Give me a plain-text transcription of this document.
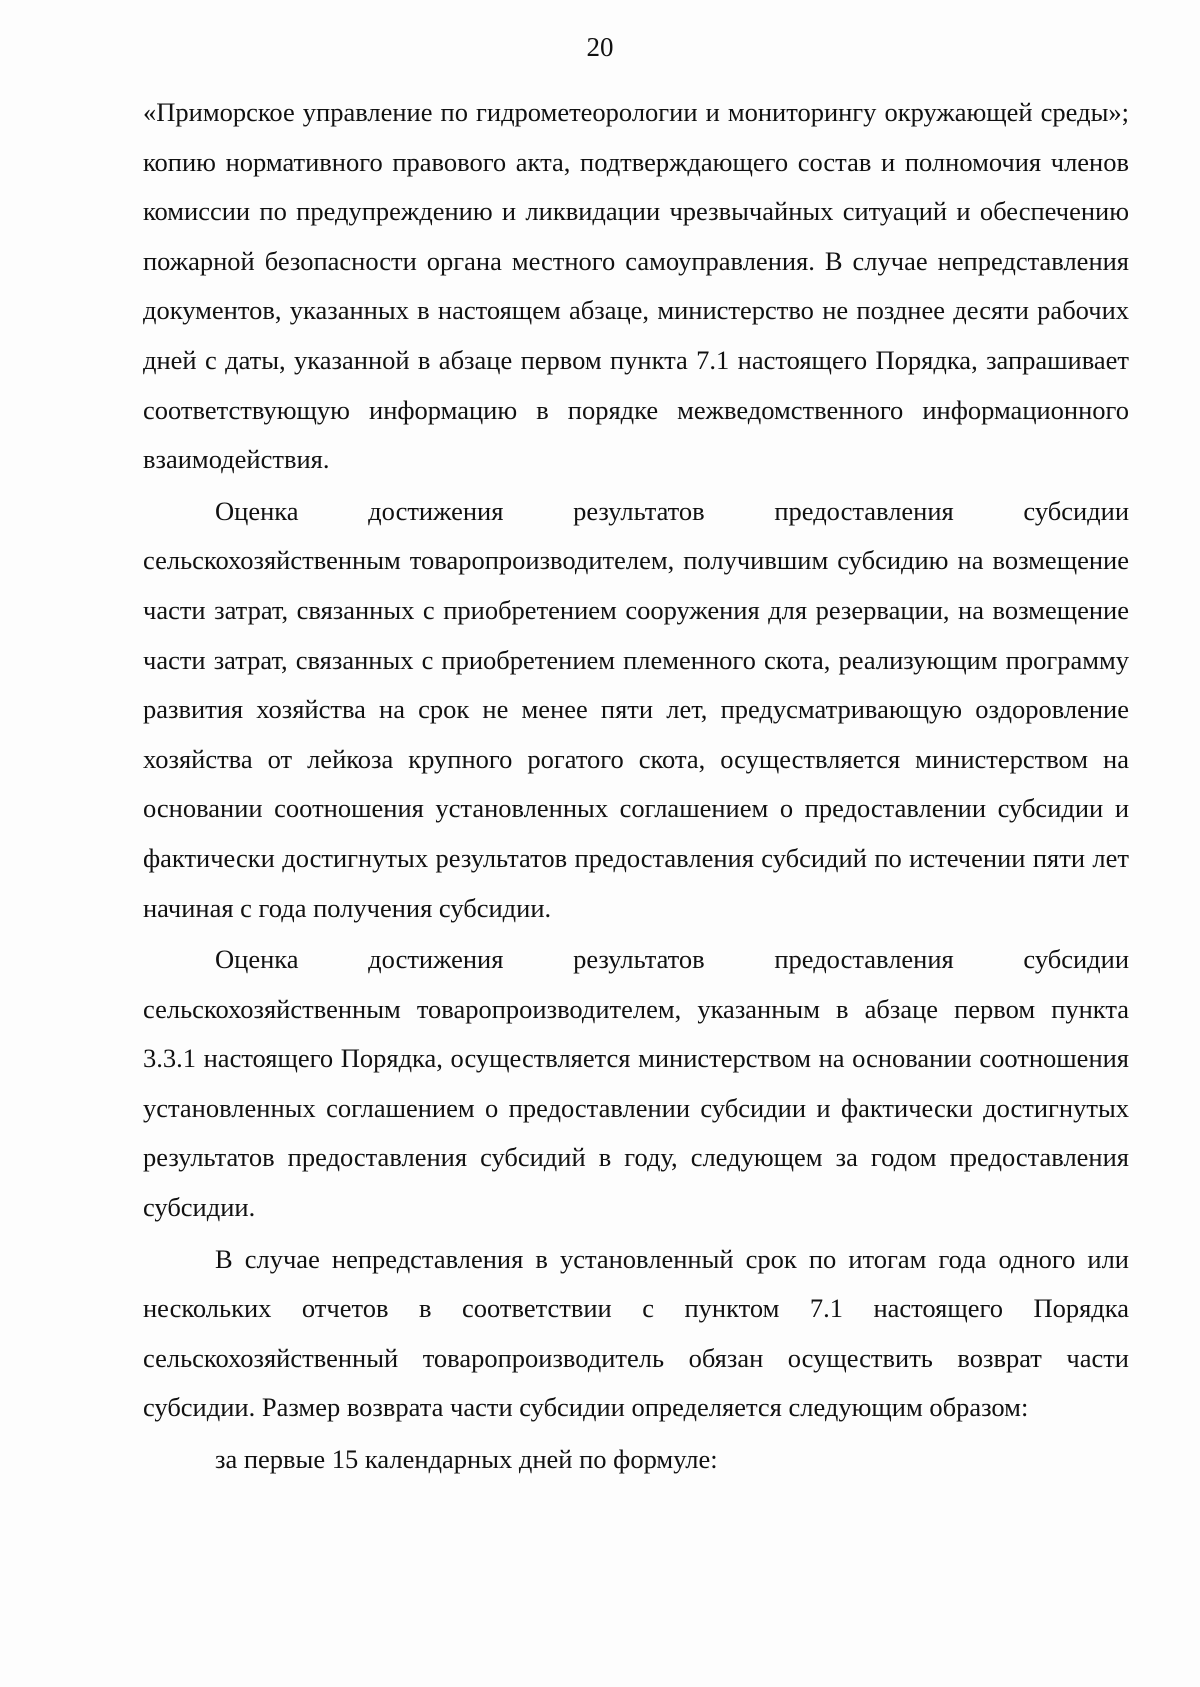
20

«Приморское управление по гидрометеорологии и мониторингу окружающей среды»; копию нормативного правового акта, подтверждающего состав и полномочия членов комиссии по предупреждению и ликвидации чрезвычайных ситуаций и обеспечению пожарной безопасности органа местного самоуправления. В случае непредставления документов, указанных в настоящем абзаце, министерство не позднее десяти рабочих дней с даты, указанной в абзаце первом пункта 7.1 настоящего Порядка, запрашивает соответствующую информацию в порядке межведомственного информационного взаимодействия.

Оценка достижения результатов предоставления субсидии сельскохозяйственным товаропроизводителем, получившим субсидию на возмещение части затрат, связанных с приобретением сооружения для резервации, на возмещение части затрат, связанных с приобретением племенного скота, реализующим программу развития хозяйства на срок не менее пяти лет, предусматривающую оздоровление хозяйства от лейкоза крупного рогатого скота, осуществляется министерством на основании соотношения установленных соглашением о предоставлении субсидии и фактически достигнутых результатов предоставления субсидий по истечении пяти лет начиная с года получения субсидии.

Оценка достижения результатов предоставления субсидии сельскохозяйственным товаропроизводителем, указанным в абзаце первом пункта 3.3.1 настоящего Порядка, осуществляется министерством на основании соотношения установленных соглашением о предоставлении субсидии и фактически достигнутых результатов предоставления субсидий в году, следующем за годом предоставления субсидии.

В случае непредставления в установленный срок по итогам года одного или нескольких отчетов в соответствии с пунктом 7.1 настоящего Порядка сельскохозяйственный товаропроизводитель обязан осуществить возврат части субсидии. Размер возврата части субсидии определяется следующим образом:

за первые 15 календарных дней по формуле:
